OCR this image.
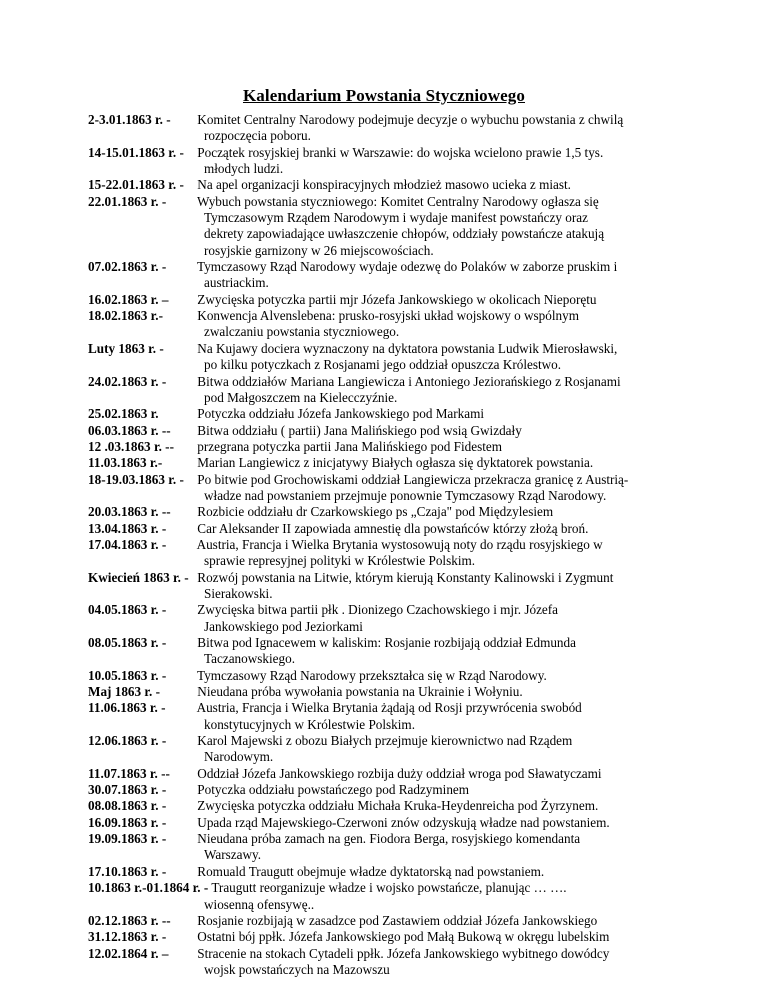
Kalendarium Powstania Styczniowego
2-3.01.1863 r. - Komitet Centralny Narodowy podejmuje decyzje o wybuchu powstania z chwilą
rozpoczęcia poboru.
14-15.01.1863 r. - Początek rosyjskiej branki w Warszawie: do wojska wcielono prawie 1,5 tys.
młodych ludzi.
15-22.01.1863 r. - Na apel organizacji konspiracyjnych młodzież masowo ucieka z miast.
22.01.1863 r. - Wybuch powstania styczniowego: Komitet Centralny Narodowy ogłasza się
Tymczasowym Rządem Narodowym i wydaje manifest powstańczy oraz
dekrety zapowiadające uwłaszczenie chłopów, oddziały powstańcze atakują
rosyjskie garnizony w 26 miejscowościach.
07.02.1863 r. - Tymczasowy Rząd Narodowy wydaje odezwę do Polaków w zaborze pruskim i
austriackim.
16.02.1863 r. – Zwycięska potyczka partii mjr Józefa Jankowskiego w okolicach Nieporętu
18.02.1863 r.- Konwencja Alvenslebena: prusko-rosyjski układ wojskowy o wspólnym
zwalczaniu powstania styczniowego.
Luty 1863 r. - Na Kujawy dociera wyznaczony na dyktatora powstania Ludwik Mierosławski,
po kilku potyczkach z Rosjanami jego oddział opuszcza Królestwo.
24.02.1863 r. - Bitwa oddziałów Mariana Langiewicza i Antoniego Jeziorańskiego z Rosjanami
pod Małgoszczem na Kielecczyźnie.
25.02.1863 r.	Potyczka oddziału Józefa Jankowskiego pod Markami
06.03.1863 r. -- Bitwa oddziału ( partii) Jana Malińskiego pod wsią Gwizdały
12 .03.1863 r. -- przegrana potyczka partii Jana Malińskiego pod Fidestem
11.03.1863 r.- Marian Langiewicz z inicjatywy Białych ogłasza się dyktatorek powstania.
18-19.03.1863 r. - Po bitwie pod Grochowiskami oddział Langiewicza przekracza granicę z Austrią-
władze nad powstaniem przejmuje ponownie Tymczasowy Rząd Narodowy.
20.03.1863 r. -- Rozbicie oddziału dr Czarkowskiego ps „Czaja" pod Międzylesiem
13.04.1863 r. - Car Aleksander II zapowiada amnestię dla powstańców którzy złożą broń.
17.04.1863 r. - Austria, Francja i Wielka Brytania wystosowują noty do rządu rosyjskiego w
sprawie represyjnej polityki w Królestwie Polskim.
Kwiecień 1863 r. - Rozwój powstania na Litwie, którym kierują Konstanty Kalinowski i Zygmunt
Sierakowski.
04.05.1863 r. - Zwycięska bitwa partii płk . Dionizego Czachowskiego i mjr. Józefa
Jankowskiego pod Jeziorkami
08.05.1863 r. - Bitwa pod Ignacewem w kaliskim: Rosjanie rozbijają oddział Edmunda
Taczanowskiego.
10.05.1863 r. - Tymczasowy Rząd Narodowy przekształca się w Rząd Narodowy.
Maj 1863 r. -	Nieudana próba wywołania powstania na Ukrainie i Wołyniu.
11.06.1863 r. - Austria, Francja i Wielka Brytania żądają od Rosji przywrócenia swobód
konstytucyjnych w Królestwie Polskim.
12.06.1863 r. - Karol Majewski z obozu Białych przejmuje kierownictwo nad Rządem
Narodowym.
11.07.1863 r. -- Oddział Józefa Jankowskiego rozbija duży oddział wroga pod Sławatyczami
30.07.1863 r. - Potyczka oddziału powstańczego pod Radzyminem
08.08.1863 r. - Zwycięska potyczka oddziału Michała Kruka-Heydenreicha pod Żyrzynem.
16.09.1863 r. - Upada rząd Majewskiego-Czerwoni znów odzyskują władze nad powstaniem.
19.09.1863 r. - Nieudana próba zamach na gen. Fiodora Berga, rosyjskiego komendanta
Warszawy.
17.10.1863 r. - Romuald Traugutt obejmuje władze dyktatorską nad powstaniem.
10.1863 r.-01.1864 r. - Traugutt reorganizuje władze i wojsko powstańcze, planując … ….
wiosenną ofensywę..
02.12.1863 r. -- Rosjanie rozbijają w zasadzce pod Zastawiem oddział Józefa Jankowskiego
31.12.1863 r. - Ostatni bój ppłk. Józefa Jankowskiego pod Małą Bukową w okręgu lubelskim
12.02.1864 r. – Stracenie na stokach Cytadeli ppłk. Józefa Jankowskiego wybitnego dowódcy
wojsk powstańczych na Mazowszu
